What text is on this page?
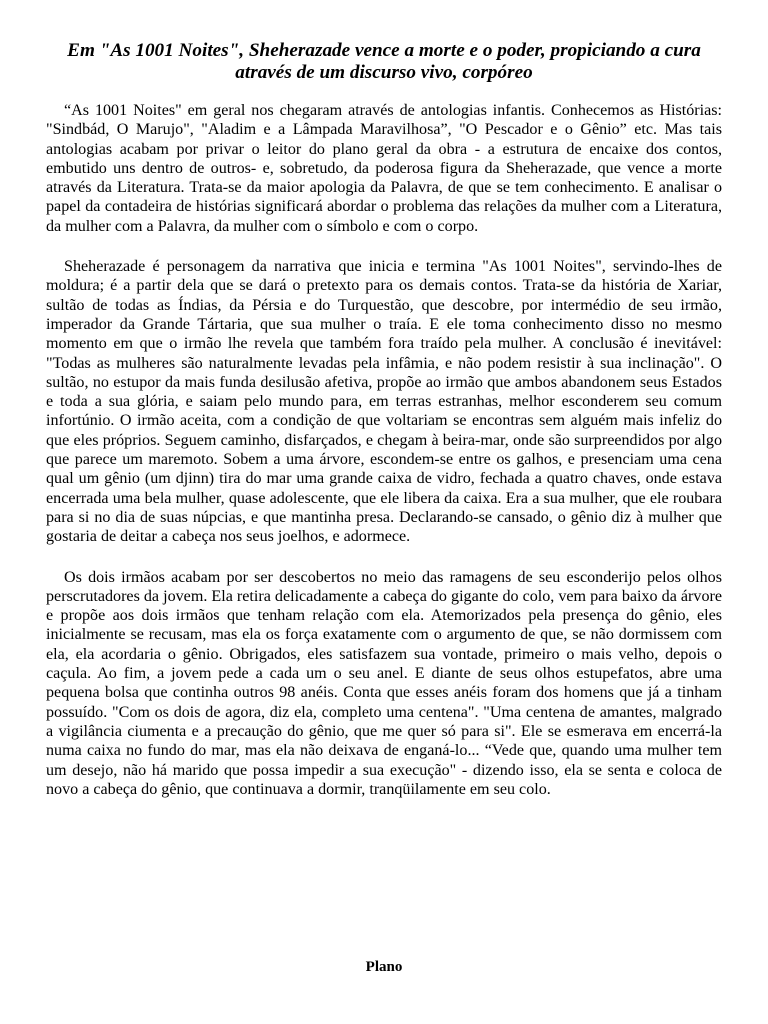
Em "As 1001 Noites", Sheherazade vence a morte e o poder, propiciando a cura através de um discurso vivo, corpóreo

“As 1001 Noites" em geral nos chegaram através de antologias infantis. Conhecemos as Histórias: "Sindbád, O Marujo", "Aladim e a Lâmpada Maravilhosa”, "O Pescador e o Gênio” etc. Mas tais antologias acabam por privar o leitor do plano geral da obra - a estrutura de encaixe dos contos, embutido uns dentro de outros- e, sobretudo, da poderosa figura da Sheherazade, que vence a morte através da Literatura. Trata-se da maior apologia da Palavra, de que se tem conhecimento. E analisar o papel da contadeira de histórias significará abordar o problema das relações da mulher com a Literatura, da mulher com a Palavra, da mulher com o símbolo e com o corpo.

Sheherazade é personagem da narrativa que inicia e termina "As 1001 Noites", servindo-lhes de moldura; é a partir dela que se dará o pretexto para os demais contos. Trata-se da história de Xariar, sultão de todas as Índias, da Pérsia e do Turquestão, que descobre, por intermédio de seu irmão, imperador da Grande Tártaria, que sua mulher o traía. E ele toma conhecimento disso no mesmo momento em que o irmão lhe revela que também fora traído pela mulher. A conclusão é inevitável: "Todas as mulheres são naturalmente levadas pela infâmia, e não podem resistir à sua inclinação". O sultão, no estupor da mais funda desilusão afetiva, propõe ao irmão que ambos abandonem seus Estados e toda a sua glória, e saiam pelo mundo para, em terras estranhas, melhor esconderem seu comum infortúnio. O irmão aceita, com a condição de que voltariam se encontras sem alguém mais infeliz do que eles próprios. Seguem caminho, disfarçados, e chegam à beira-mar, onde são surpreendidos por algo que parece um maremoto. Sobem a uma árvore, escondem-se entre os galhos, e presenciam uma cena qual um gênio (um djinn) tira do mar uma grande caixa de vidro, fechada a quatro chaves, onde estava encerrada uma bela mulher, quase adolescente, que ele libera da caixa. Era a sua mulher, que ele roubara para si no dia de suas núpcias, e que mantinha presa. Declarando-se cansado, o gênio diz à mulher que gostaria de deitar a cabeça nos seus joelhos, e adormece.

Os dois irmãos acabam por ser descobertos no meio das ramagens de seu esconderijo pelos olhos perscrutadores da jovem. Ela retira delicadamente a cabeça do gigante do colo, vem para baixo da árvore e propõe aos dois irmãos que tenham relação com ela. Atemorizados pela presença do gênio, eles inicialmente se recusam, mas ela os força exatamente com o argumento de que, se não dormissem com ela, ela acordaria o gênio. Obrigados, eles satisfazem sua vontade, primeiro o mais velho, depois o caçula. Ao fim, a jovem pede a cada um o seu anel. E diante de seus olhos estupefatos, abre uma pequena bolsa que continha outros 98 anéis. Conta que esses anéis foram dos homens que já a tinham possuído. "Com os dois de agora, diz ela, completo uma centena". "Uma centena de amantes, malgrado a vigilância ciumenta e a precaução do gênio, que me quer só para si". Ele se esmerava em encerrá-la numa caixa no fundo do mar, mas ela não deixava de enganá-lo... “Vede que, quando uma mulher tem um desejo, não há marido que possa impedir a sua execução" - dizendo isso, ela se senta e coloca de novo a cabeça do gênio, que continuava a dormir, tranqüilamente em seu colo.

Plano
